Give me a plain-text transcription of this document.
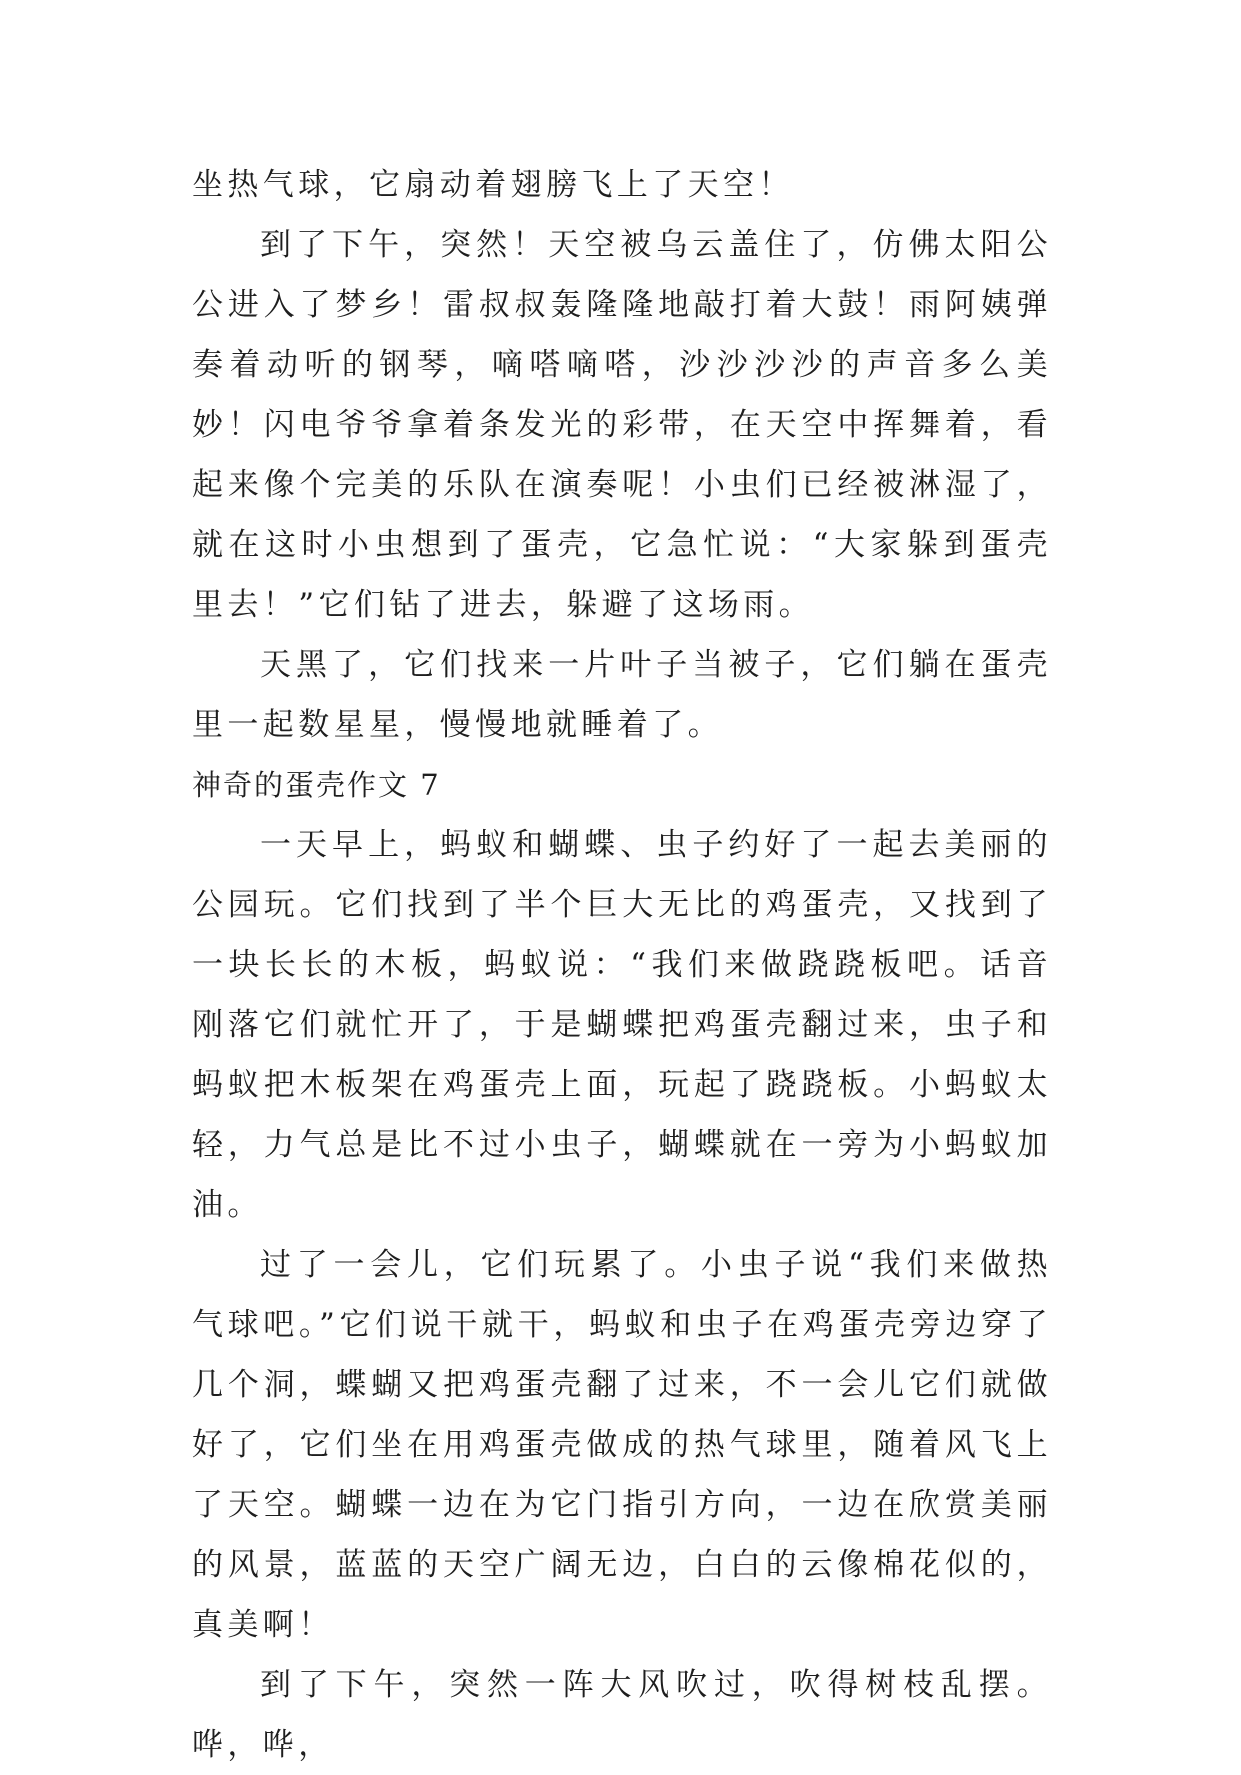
坐热气球，它扇动着翅膀飞上了天空！

到了下午，突然！天空被乌云盖住了，仿佛太阳公公进入了梦乡！雷叔叔轰隆隆地敲打着大鼓！雨阿姨弹奏着动听的钢琴，嘀嗒嘀嗒，沙沙沙沙的声音多么美妙！闪电爷爷拿着条发光的彩带，在天空中挥舞着，看起来像个完美的乐队在演奏呢！小虫们已经被淋湿了，就在这时小虫想到了蛋壳，它急忙说：“大家躲到蛋壳里去！”它们钻了进去，躲避了这场雨。

天黑了，它们找来一片叶子当被子，它们躺在蛋壳里一起数星星，慢慢地就睡着了。

神奇的蛋壳作文 7

一天早上，蚂蚁和蝴蝶、虫子约好了一起去美丽的公园玩。它们找到了半个巨大无比的鸡蛋壳，又找到了一块长长的木板，蚂蚁说：“我们来做跷跷板吧。话音刚落它们就忙开了，于是蝴蝶把鸡蛋壳翻过来，虫子和蚂蚁把木板架在鸡蛋壳上面，玩起了跷跷板。小蚂蚁太轻，力气总是比不过小虫子，蝴蝶就在一旁为小蚂蚁加油。

过了一会儿，它们玩累了。小虫子说“我们来做热气球吧。”它们说干就干，蚂蚁和虫子在鸡蛋壳旁边穿了几个洞，蝶蝴又把鸡蛋壳翻了过来，不一会儿它们就做好了，它们坐在用鸡蛋壳做成的热气球里，随着风飞上了天空。蝴蝶一边在为它门指引方向，一边在欣赏美丽的风景，蓝蓝的天空广阔无边，白白的云像棉花似的，真美啊！

到了下午，突然一阵大风吹过，吹得树枝乱摆。哗，哗，
